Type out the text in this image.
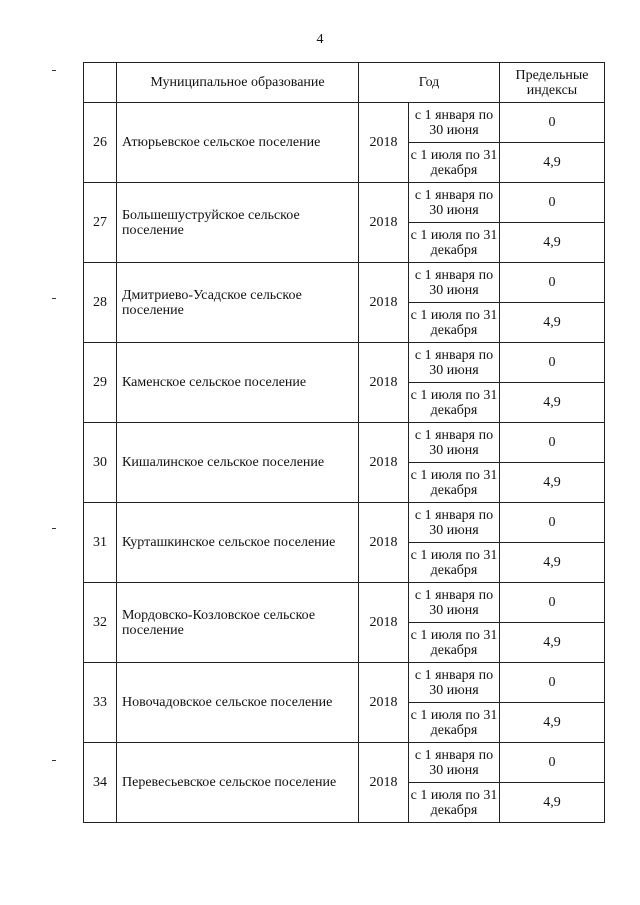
4
	Муниципальное образование	Год		Предельные индексы
26	Атюрьевское сельское поселение	2018	с 1 января по 30 июня	0
			с 1 июля по 31 декабря	4,9
27	Большешуструйское сельское поселение	2018	с 1 января по 30 июня	0
			с 1 июля по 31 декабря	4,9
28	Дмитриево-Усадское сельское поселение	2018	с 1 января по 30 июня	0
			с 1 июля по 31 декабря	4,9
29	Каменское сельское поселение	2018	с 1 января по 30 июня	0
			с 1 июля по 31 декабря	4,9
30	Кишалинское сельское поселение	2018	с 1 января по 30 июня	0
			с 1 июля по 31 декабря	4,9
31	Курташкинское сельское поселение	2018	с 1 января по 30 июня	0
			с 1 июля по 31 декабря	4,9
32	Мордовско-Козловское сельское поселение	2018	с 1 января по 30 июня	0
			с 1 июля по 31 декабря	4,9
33	Новочадовское сельское поселение	2018	с 1 января по 30 июня	0
			с 1 июля по 31 декабря	4,9
34	Перевесьевское сельское поселение	2018	с 1 января по 30 июня	0
			с 1 июля по 31 декабря	4,9
